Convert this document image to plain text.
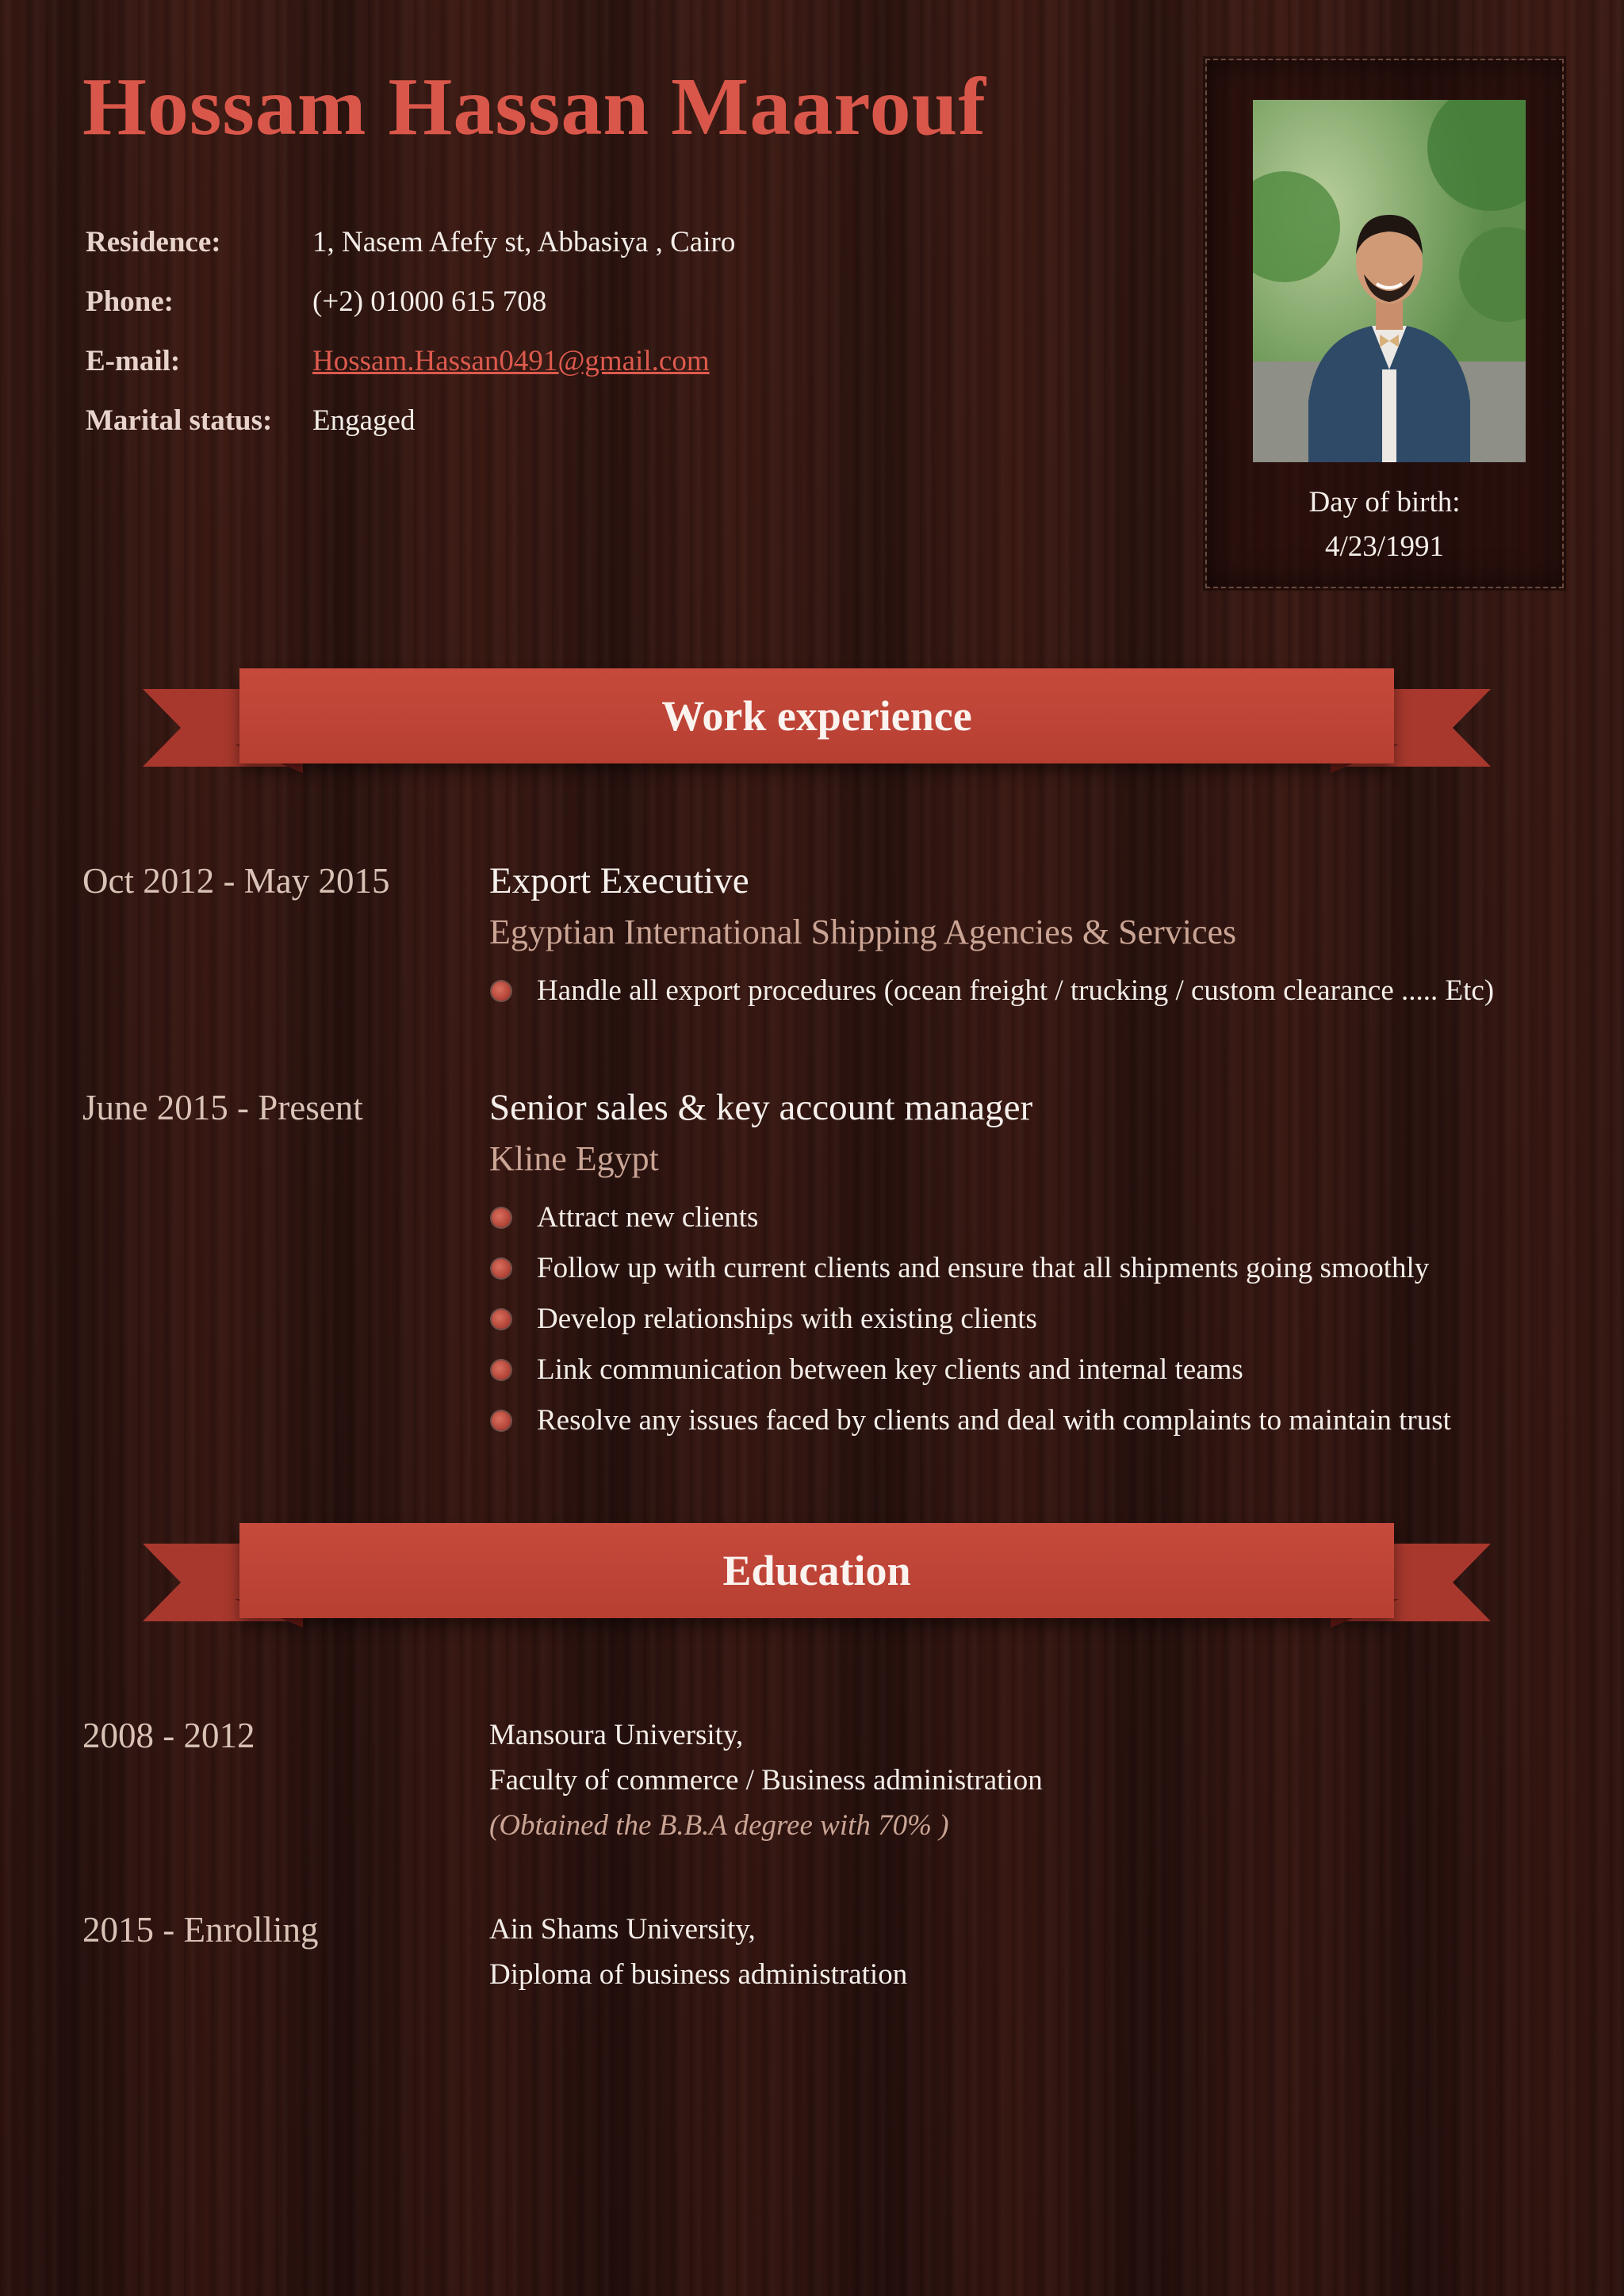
Hossam Hassan Maarouf
Residence:	1, Nasem Afefy st, Abbasiya , Cairo
Phone:	(+2) 01000 615 708
E-mail:	Hossam.Hassan0491@gmail.com
Marital status:	Engaged
Day of birth:
4/23/1991
Work experience
Oct 2012 - May 2015	Export Executive
Egyptian International Shipping Agencies & Services
Handle all export procedures (ocean freight / trucking / custom clearance ..... Etc)
June 2015 - Present	Senior sales & key account manager
Kline Egypt
Attract new clients
Follow up with current clients and ensure that all shipments going smoothly
Develop relationships with existing clients
Link communication between key clients and internal teams
Resolve any issues faced by clients and deal with complaints to maintain trust
Education
2008 - 2012	Mansoura University,
Faculty of commerce / Business administration
(Obtained the B.B.A degree with 70% )
2015 - Enrolling	Ain Shams University,
Diploma of business administration
